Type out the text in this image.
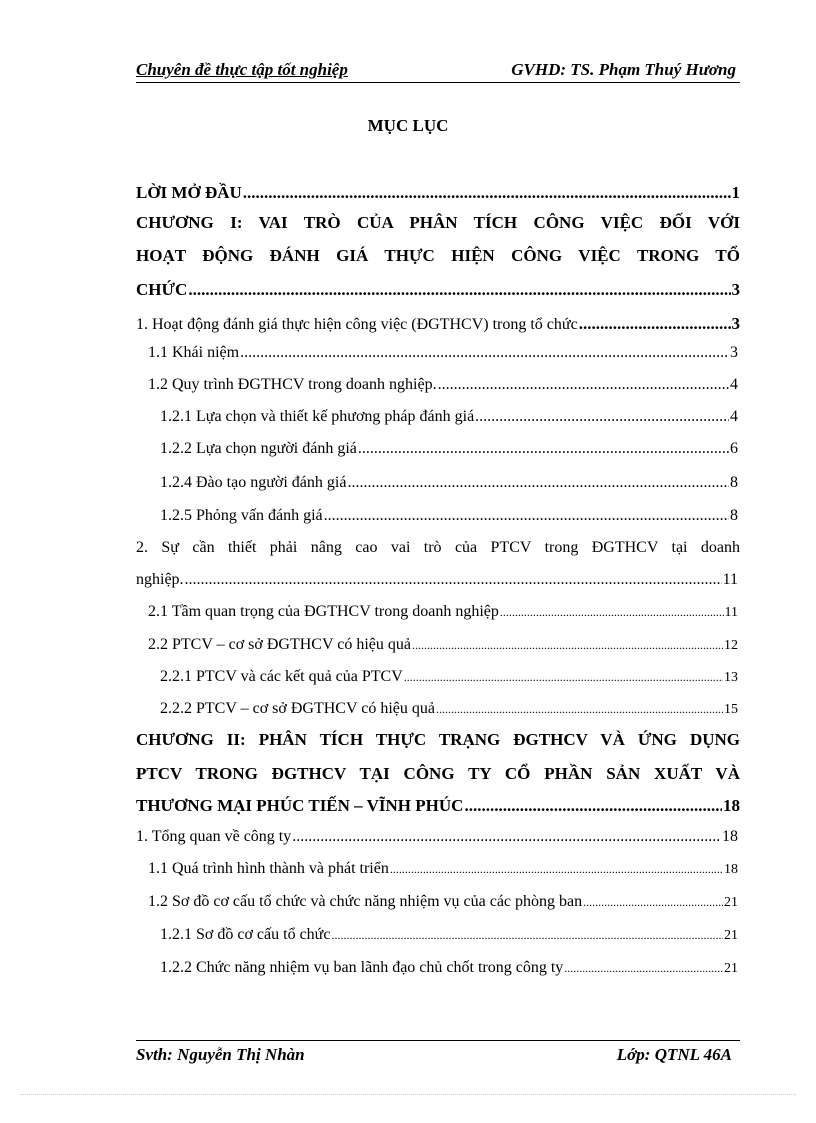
Chuyên đề thực tập tốt nghiệp	GVHD: TS. Phạm Thuý Hương
MỤC LỤC
LỜI MỞ ĐẦU .....	1
CHƯƠNG I: VAI TRÒ CỦA PHÂN TÍCH CÔNG VIỆC ĐỐI VỚI
HOẠT ĐỘNG ĐÁNH GIÁ THỰC HIỆN CÔNG VIỆC TRONG TỔ
CHỨC .....	3
1. Hoạt động đánh giá thực hiện công việc (ĐGTHCV) trong tổ chức .....	3
1.1 Khái niệm .....	3
1.2 Quy trình ĐGTHCV trong doanh nghiệp. .....	4
1.2.1 Lựa chọn và thiết kế phương pháp đánh giá .....	4
1.2.2 Lựa chọn người đánh giá .....	6
1.2.4 Đào tạo người đánh giá .....	8
1.2.5 Phỏng vấn đánh giá .....	8
2. Sự cần thiết phải nâng cao vai trò của PTCV trong ĐGTHCV tại doanh
nghiệp. .....	11
2.1 Tầm quan trọng của ĐGTHCV trong doanh nghiệp .....	11
2.2 PTCV – cơ sở ĐGTHCV có hiệu quả .....	12
2.2.1 PTCV và các kết quả của PTCV .....	13
2.2.2 PTCV – cơ sở ĐGTHCV có hiệu quả .....	15
CHƯƠNG II: PHÂN TÍCH THỰC TRẠNG ĐGTHCV VÀ ỨNG DỤNG
PTCV TRONG ĐGTHCV TẠI CÔNG TY CỔ PHẦN SẢN XUẤT VÀ
THƯƠNG MẠI PHÚC TIẾN – VĨNH PHÚC .....	18
1. Tổng quan về công ty .....	18
1.1 Quá trình hình thành và phát triển .....	18
1.2 Sơ đồ cơ cấu tổ chức và chức năng nhiệm vụ của các phòng ban .....	21
1.2.1 Sơ đồ cơ cấu tổ chức .....	21
1.2.2 Chức năng nhiệm vụ ban lãnh đạo chủ chốt trong công ty .....	21
Svth: Nguyễn Thị Nhàn	Lớp: QTNL 46A
